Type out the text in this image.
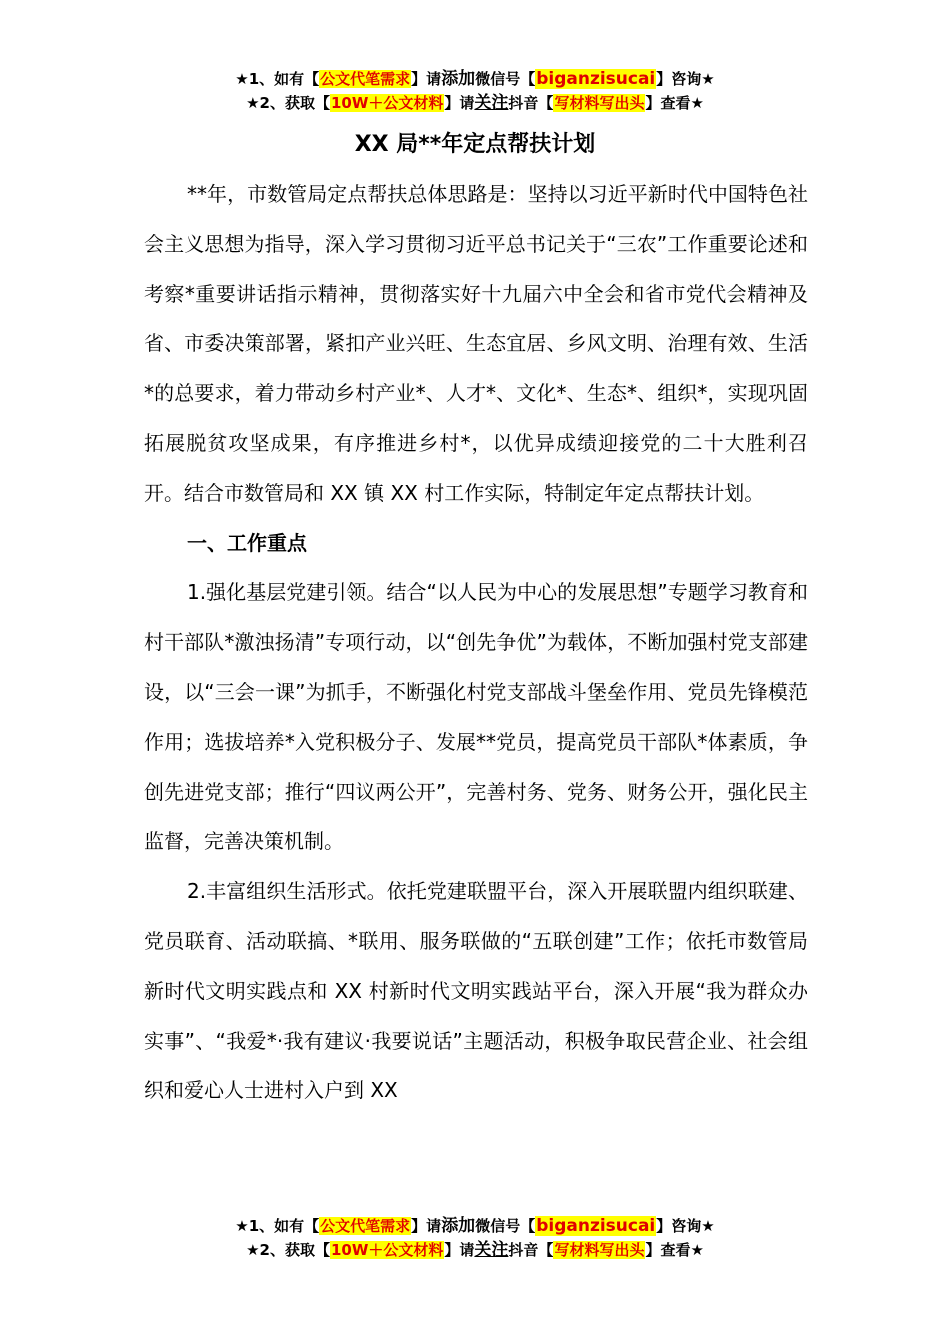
★1、如有【公文代笔需求】请添加微信号【biganzisucai】咨询★
★2、获取【10W＋公文材料】请关注抖音【写材料写出头】查看★
XX 局**年定点帮扶计划

**年，市数管局定点帮扶总体思路是：坚持以习近平新时代中国特色社会主义思想为指导，深入学习贯彻习近平总书记关于“三农”工作重要论述和考察*重要讲话指示精神，贯彻落实好十九届六中全会和省市党代会精神及省、市委决策部署，紧扣产业兴旺、生态宜居、乡风文明、治理有效、生活*的总要求，着力带动乡村产业*、人才*、文化*、生态*、组织*，实现巩固拓展脱贫攻坚成果，有序推进乡村*，以优异成绩迎接党的二十大胜利召开。结合市数管局和 XX 镇 XX 村工作实际，特制定年定点帮扶计划。

一、工作重点

1.强化基层党建引领。结合“以人民为中心的发展思想”专题学习教育和村干部队*激浊扬清”专项行动，以“创先争优”为载体，不断加强村党支部建设，以“三会一课”为抓手，不断强化村党支部战斗堡垒作用、党员先锋模范作用；选拔培养*入党积极分子、发展**党员，提高党员干部队*体素质，争创先进党支部；推行“四议两公开”，完善村务、党务、财务公开，强化民主监督，完善决策机制。

2.丰富组织生活形式。依托党建联盟平台，深入开展联盟内组织联建、党员联育、活动联搞、*联用、服务联做的“五联创建”工作；依托市数管局新时代文明实践点和 XX 村新时代文明实践站平台，深入开展“我为群众办实事”、“我爱*·我有建议·我要说话”主题活动，积极争取民营企业、社会组织和爱心人士进村入户到 XX

★1、如有【公文代笔需求】请添加微信号【biganzisucai】咨询★
★2、获取【10W＋公文材料】请关注抖音【写材料写出头】查看★
